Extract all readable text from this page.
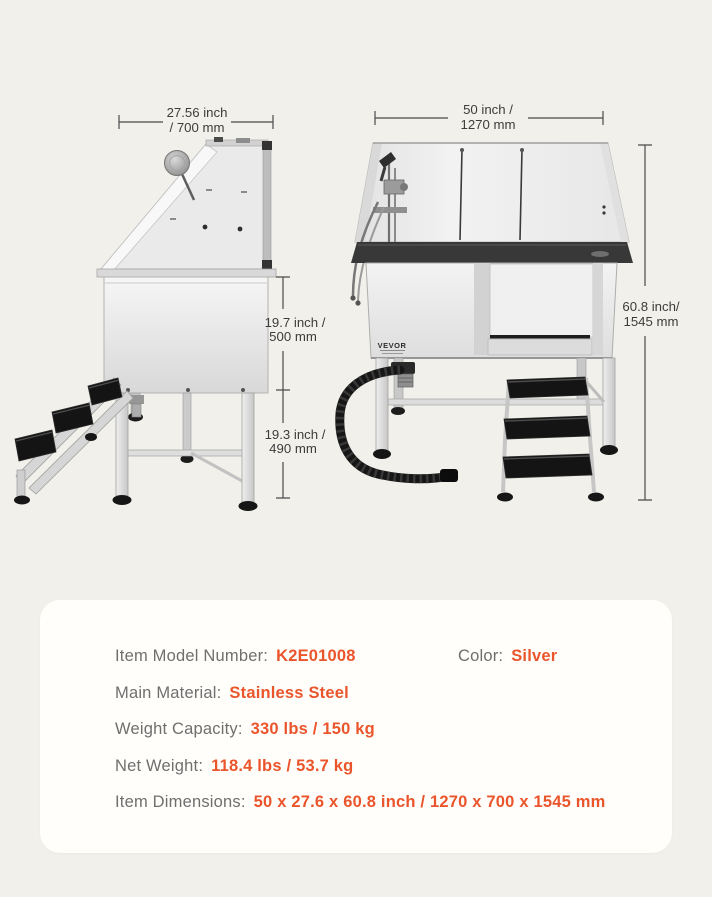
VEVOR
27.56 inch
/ 700 mm
19.7 inch /
500 mm
19.3 inch /
490 mm
50 inch /
1270 mm
60.8 inch/
1545 mm
Item Model Number: K2E01008	Color: Silver
Main Material: Stainless Steel
Weight Capacity: 330 lbs / 150 kg
Net Weight: 118.4 lbs / 53.7 kg
Item Dimensions: 50 x 27.6 x 60.8 inch / 1270 x 700 x 1545 mm
